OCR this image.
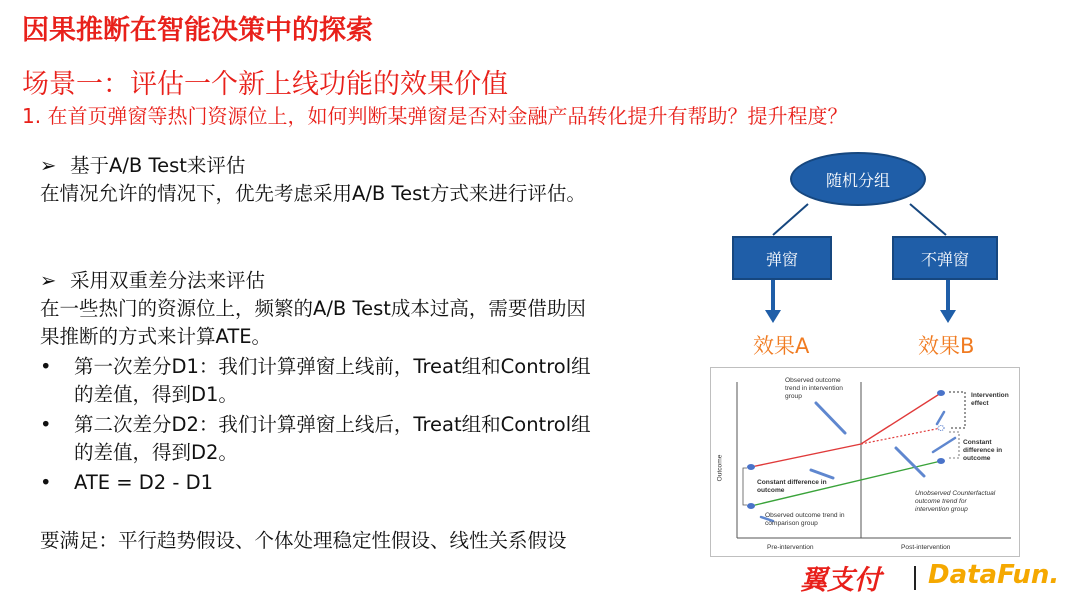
因果推断在智能决策中的探索
场景一：评估一个新上线功能的效果价值
1. 在首页弹窗等热门资源位上，如何判断某弹窗是否对金融产品转化提升有帮助？提升程度？
➢ 基于A/B Test来评估
在情况允许的情况下，优先考虑采用A/B Test方式来进行评估。
➢ 采用双重差分法来评估
在一些热门的资源位上，频繁的A/B Test成本过高，需要借助因
果推断的方式来计算ATE。
• 第一次差分D1：我们计算弹窗上线前，Treat组和Control组
的差值，得到D1。
• 第二次差分D2：我们计算弹窗上线后，Treat组和Control组
的差值，得到D2。
• ATE = D2 - D1
要满足：平行趋势假设、个体处理稳定性假设、线性关系假设
随机分组
弹窗	不弹窗
效果A	效果B
Outcome
Pre-intervention	Post-intervention
Observed outcome
trend in intervention
group	Intervention
effect
Constant
difference in
outcome
Constant difference in
outcome	Unobserved Counterfactual
outcome trend for
intervention group
Observed outcome trend in
comparison group
翼支付 DataFun.
